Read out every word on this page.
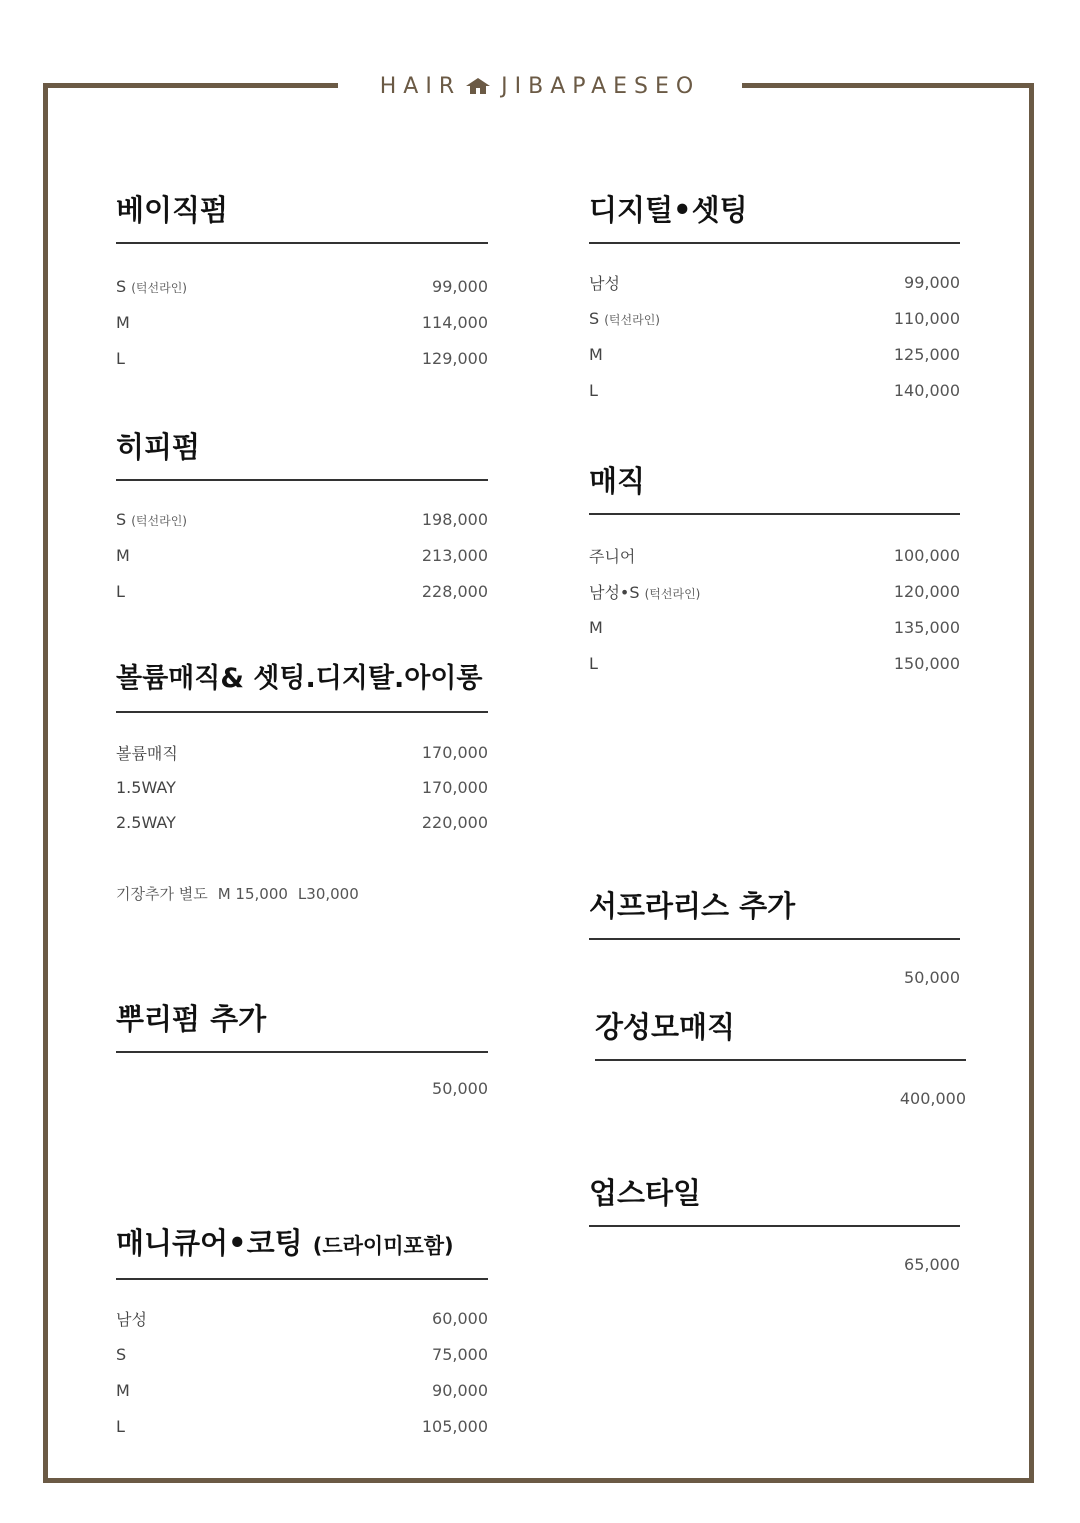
HAIR JIBAPAESEO
베이직펌
S (턱선라인)	99,000
M	114,000
L	129,000
히피펌
S (턱선라인)	198,000
M	213,000
L	228,000
볼륨매직& 셋팅.디지탈.아이롱
볼륨매직	170,000
1.5WAY	170,000
2.5WAY	220,000
기장추가 별도 M 15,000 L30,000
뿌리펌 추가
50,000
매니큐어•코팅 (드라이미포함)
남성	60,000
S	75,000
M	90,000
L	105,000
디지털•셋팅
남성	99,000
S (턱선라인)	110,000
M	125,000
L	140,000
매직
주니어	100,000
남성•S (턱선라인)	120,000
M	135,000
L	150,000
서프라리스 추가
50,000
강성모매직
400,000
업스타일
65,000
